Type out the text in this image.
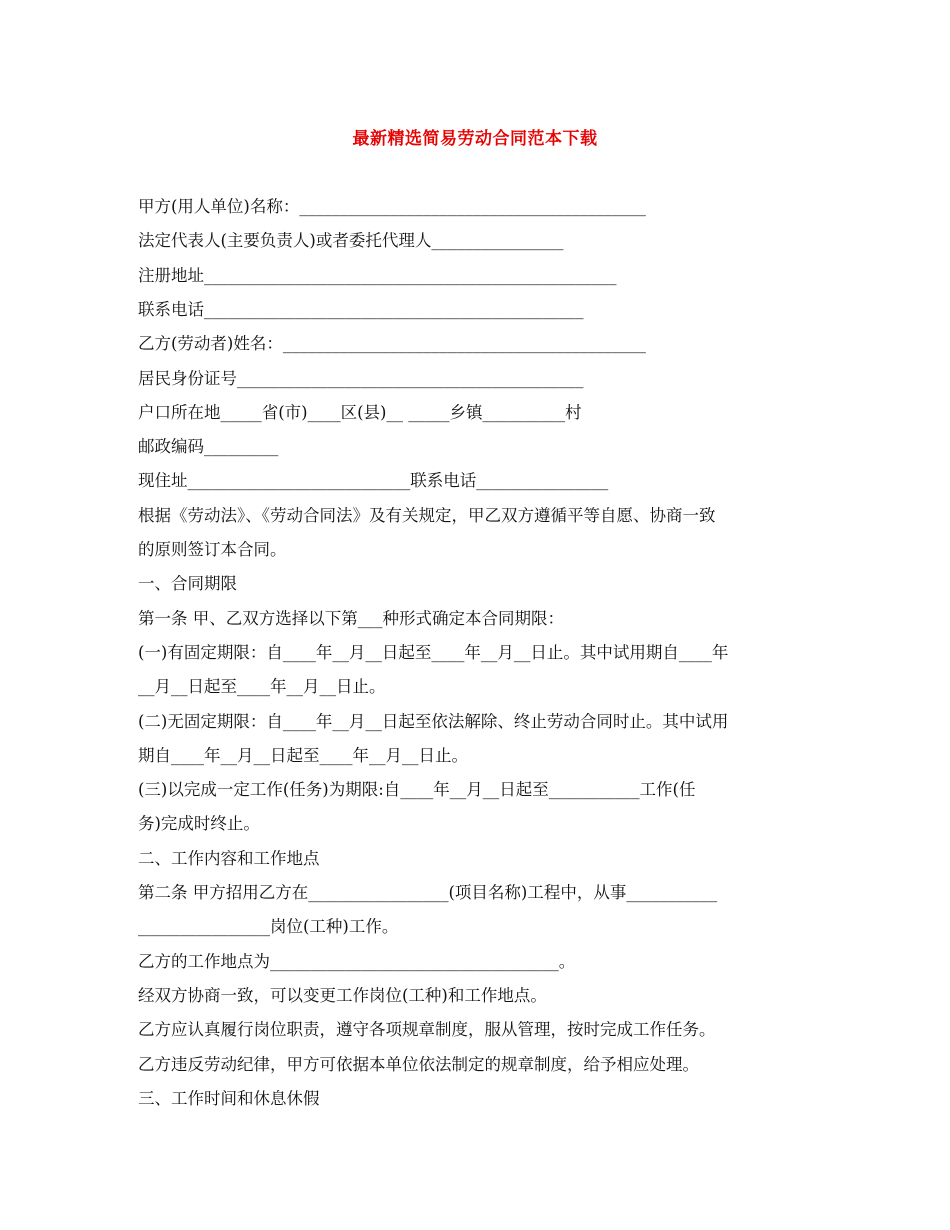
最新精选简易劳动合同范本下载
甲方(用人单位)名称：__________________________________________
法定代表人(主要负责人)或者委托代理人________________
注册地址__________________________________________________
联系电话______________________________________________
乙方(劳动者)姓名：____________________________________________
居民身份证号__________________________________________
户口所在地_____省(市)____区(县)__ _____乡镇__________村
邮政编码_________
现住址___________________________联系电话________________
根据《劳动法》、《劳动合同法》及有关规定，甲乙双方遵循平等自愿、协商一致
的原则签订本合同。
一、合同期限
第一条 甲、乙双方选择以下第___种形式确定本合同期限：
(一)有固定期限：自____年__月__日起至____年__月__日止。其中试用期自____年
__月__日起至____年__月__日止。
(二)无固定期限：自____年__月__日起至依法解除、终止劳动合同时止。其中试用
期自____年__月__日起至____年__月__日止。
(三)以完成一定工作(任务)为期限:自____年__月__日起至___________工作(任
务)完成时终止。
二、工作内容和工作地点
第二条 甲方招用乙方在_________________(项目名称)工程中，从事___________
________________岗位(工种)工作。
乙方的工作地点为___________________________________。
经双方协商一致，可以变更工作岗位(工种)和工作地点。
乙方应认真履行岗位职责，遵守各项规章制度，服从管理，按时完成工作任务。
乙方违反劳动纪律，甲方可依据本单位依法制定的规章制度，给予相应处理。
三、工作时间和休息休假
